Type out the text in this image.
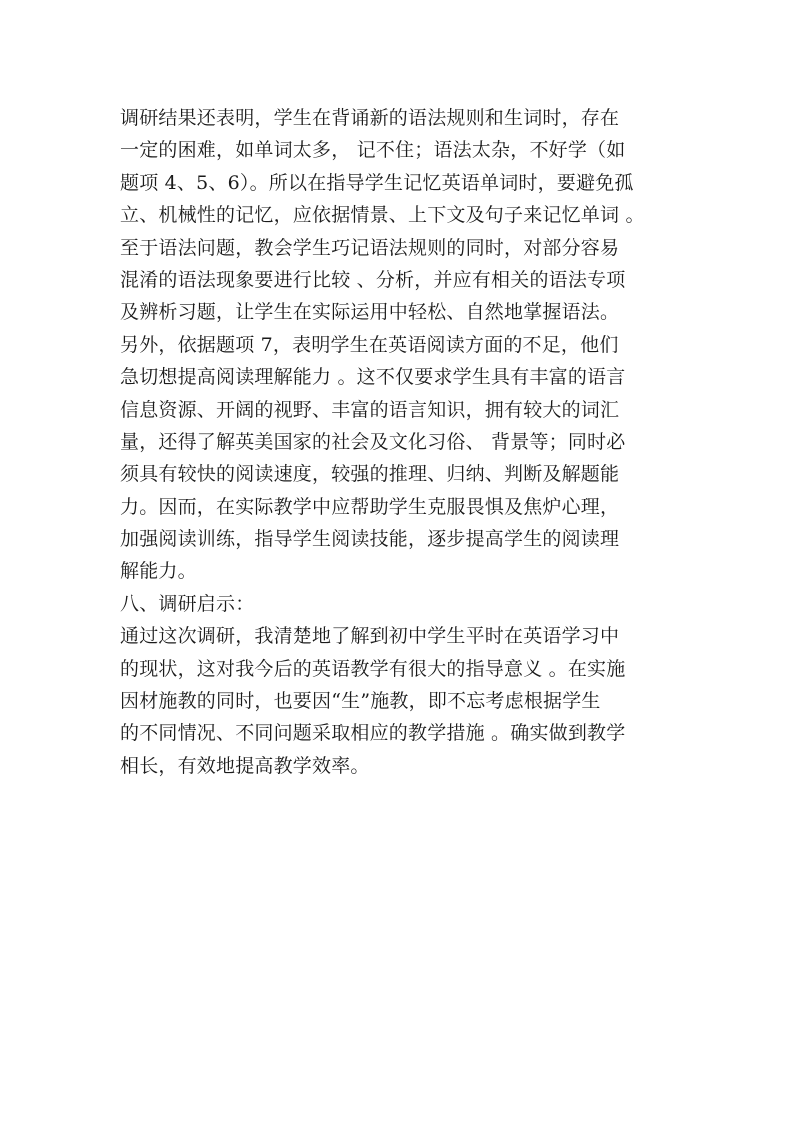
调研结果还表明，学生在背诵新的语法规则和生词时，存在
一定的困难，如单词太多， 记不住；语法太杂，不好学（如
题项 4、5、6）。所以在指导学生记忆英语单词时，要避免孤
立、机械性的记忆，应依据情景、上下文及句子来记忆单词 。
至于语法问题，教会学生巧记语法规则的同时，对部分容易
混淆的语法现象要进行比较 、分析，并应有相关的语法专项
及辨析习题，让学生在实际运用中轻松、自然地掌握语法。
另外，依据题项 7，表明学生在英语阅读方面的不足，他们
急切想提高阅读理解能力 。这不仅要求学生具有丰富的语言
信息资源、开阔的视野、丰富的语言知识，拥有较大的词汇
量，还得了解英美国家的社会及文化习俗、 背景等；同时必
须具有较快的阅读速度，较强的推理、归纳、判断及解题能
力。因而，在实际教学中应帮助学生克服畏惧及焦炉心理，
加强阅读训练，指导学生阅读技能，逐步提高学生的阅读理
解能力。
八、调研启示：
通过这次调研，我清楚地了解到初中学生平时在英语学习中
的现状，这对我今后的英语教学有很大的指导意义 。在实施
因材施教的同时，也要因“生”施教，即不忘考虑根据学生
的不同情况、不同问题采取相应的教学措施 。确实做到教学
相长，有效地提高教学效率。
